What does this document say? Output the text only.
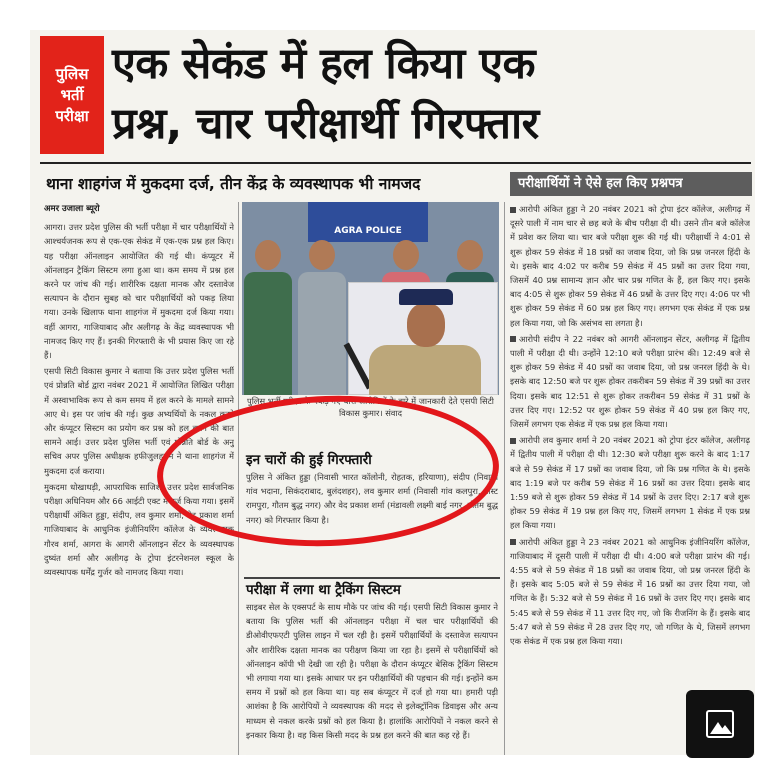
पुलिस
भर्ती
परीक्षा
एक सेकंड में हल किया एक
प्रश्न, चार परीक्षार्थी गिरफ्तार
थाना शाहगंज में मुकदमा दर्ज, तीन केंद्र के व्यवस्थापक भी नामजद	परीक्षार्थियों ने ऐसे हल किए प्रश्नपत्र
अमर उजाला ब्यूरो

आगरा। उत्तर प्रदेश पुलिस की भर्ती परीक्षा में चार परीक्षार्थियों ने आश्चर्यजनक रूप से एक-एक सेकंड में एक-एक प्रश्न हल किए। यह परीक्षा ऑनलाइन आयोजित की गई थी। कंप्यूटर में ऑनलाइन ट्रैकिंग सिस्टम लगा हुआ था। कम समय में प्रश्न हल करने पर जांच की गई। शारीरिक दक्षता मानक और दस्तावेज सत्यापन के दौरान सुबह को चार परीक्षार्थियों को पकड़ लिया गया। उनके खिलाफ थाना शाहगंज में मुकदमा दर्ज किया गया। वहीं आगरा, गाजियाबाद और अलीगढ़ के केंद्र व्यवस्थापक भी नामजद किए गए हैं। इनकी गिरफ्तारी के भी प्रयास किए जा रहे हैं।

एसपी सिटी विकास कुमार ने बताया कि उत्तर प्रदेश पुलिस भर्ती एवं प्रोन्नति बोर्ड द्वारा नवंबर 2021 में आयोजित लिखित परीक्षा में अस्वाभाविक रूप से कम समय में हल करने के मामले सामने आए थे। इस पर जांच की गई। कुछ अभ्यर्थियों के नकल करने और कंप्यूटर सिस्टम का प्रयोग कर प्रश्न को हल करने की बात सामने आई। उत्तर प्रदेश पुलिस भर्ती एवं प्रोन्नति बोर्ड के अनु सचिव अपर पुलिस अधीक्षक हफीजुलहसन ने थाना शाहगंज में मुकदमा दर्ज कराया।

मुकदमा धोखाधड़ी, आपराधिक साजिश, उत्तर प्रदेश सार्वजनिक परीक्षा अधिनियम और 66 आईटी एक्ट में दर्ज किया गया। इसमें परीक्षार्थी अंकित हुड्डा, संदीप, लव कुमार शर्मा, वेद प्रकाश शर्मा गाजियाबाद के आधुनिक इंजीनियरिंग कॉलेज के व्यवस्थापक गौरव शर्मा, आगरा के आगरी ऑनलाइन सेंटर के व्यवस्थापक दुष्यंत शर्मा और अलीगढ़ के ट्रोपा इंटरनेशनल स्कूल के व्यवस्थापक धर्मेंद्र गुर्जर को नामजद किया गया।

AGRA POLICE
पुलिस भर्ती परीक्षा के पकड़े गए चारों आरोपियों के बारे में जानकारी देते एसपी सिटी विकास कुमार। संवाद
इन चारों की हुई गिरफ्तारी
पुलिस ने अंकित हुड्डा (निवासी भारत कॉलोनी, रोहतक, हरियाणा), संदीप (निवासी गांव भदाना, सिकंदराबाद, बुलंदशहर), लव कुमार शर्मा (निवासी गांव कलपुरा, पोस्ट रामपुरा, गौतम बुद्ध नगर) और वेद प्रकाश शर्मा (मंडावली लक्ष्मी बाई नगर, गौतम बुद्ध नगर) को गिरफ्तार किया है।
परीक्षा में लगा था ट्रैकिंग सिस्टम
साइबर सेल के एक्सपर्ट के साथ मौके पर जांच की गई। एसपी सिटी विकास कुमार ने बताया कि पुलिस भर्ती की ऑनलाइन परीक्षा में चल चार परीक्षार्थियों की डीओवीएफएटी पुलिस लाइन में चल रही है। इसमें परीक्षार्थियों के दस्तावेज सत्यापन और शारीरिक दक्षता मानक का परीक्षण किया जा रहा है। इसमें से परीक्षार्थियों को ऑनलाइन कॉपी भी देखी जा रही है। परीक्षा के दौरान कंप्यूटर बेसिक ट्रैकिंग सिस्टम भी लगाया गया था। इसके आधार पर इन परीक्षार्थियों की पहचान की गई। इन्होंने कम समय में प्रश्नों को हल किया था। यह सब कंप्यूटर में दर्ज हो गया था। हमारी पड़ी आशंका है कि आरोपियों ने व्यवस्थापक की मदद से इलेक्ट्रॉनिक डिवाइस और अन्य माध्यम से नकल करके प्रश्नों को हल किया है। हालांकि आरोपियों ने नकल करने से इनकार किया है। वह किस किसी मदद के प्रश्न हल करने की बात कह रहे हैं।

आरोपी अंकित हुड्डा ने 20 नवंबर 2021 को ट्रोपा इंटर कॉलेज, अलीगढ़ में दूसरे पाली में नाम चार से छह बजे के बीच परीक्षा दी थी। उसने तीन बजे कॉलेज में प्रवेश कर लिया था। चार बजे परीक्षा शुरू की गई थी। परीक्षार्थी ने 4:01 से शुरू होकर 59 सेकंड में 18 प्रश्नों का जवाब दिया, जो कि प्रश्न जनरल हिंदी के थे। इसके बाद 4:02 पर करीब 59 सेकंड में 45 प्रश्नों का उत्तर दिया गया, जिसमें 40 प्रश्न सामान्य ज्ञान और चार प्रश्न गणित के हैं, हल किए गए। इसके बाद 4:05 से शुरू होकर 59 सेकंड में 46 प्रश्नों के उत्तर दिए गए। 4:06 पर भी शुरू होकर 59 सेकंड में 60 प्रश्न हल किए गए। लगभग एक सेकंड में एक प्रश्न हल किया गया, जो कि असंभव सा लगता है।

आरोपी संदीप ने 22 नवंबर को आगरी ऑनलाइन सेंटर, अलीगढ़ में द्वितीय पाली में परीक्षा दी थी। उन्होंने 12:10 बजे परीक्षा प्रारंभ की। 12:49 बजे से शुरू होकर 59 सेकंड में 40 प्रश्नों का जवाब दिया, जो प्रश्न जनरल हिंदी के थे। इसके बाद 12:50 बजे पर शुरू होकर तकरीबन 59 सेकंड में 39 प्रश्नों का उत्तर दिया। इसके बाद 12:51 से शुरू होकर तकरीबन 59 सेकंड में 31 प्रश्नों के उत्तर दिए गए। 12:52 पर शुरू होकर 59 सेकंड में 40 प्रश्न हल किए गए, जिसमें लगभग एक सेकंड में एक प्रश्न हल किया गया।

आरोपी लव कुमार शर्मा ने 20 नवंबर 2021 को ट्रोपा इंटर कॉलेज, अलीगढ़ में द्वितीय पाली में परीक्षा दी थी। 12:30 बजे परीक्षा शुरू करने के बाद 1:17 बजे से 59 सेकंड में 17 प्रश्नों का जवाब दिया, जो कि प्रश्न गणित के थे। इसके बाद 1:19 बजे पर करीब 59 सेकंड में 16 प्रश्नों का उत्तर दिया। इसके बाद 1:59 बजे से शुरू होकर 59 सेकंड में 14 प्रश्नों के उत्तर दिए। 2:17 बजे शुरू होकर 59 सेकंड में 19 प्रश्न हल किए गए, जिसमें लगभग 1 सेकंड में एक प्रश्न हल किया गया।

आरोपी अंकित हुड्डा ने 23 नवंबर 2021 को आधुनिक इंजीनियरिंग कॉलेज, गाजियाबाद में दूसरी पाली में परीक्षा दी थी। 4:00 बजे परीक्षा प्रारंभ की गई। 4:55 बजे से 59 सेकंड में 18 प्रश्नों का जवाब दिया, जो प्रश्न जनरल हिंदी के हैं। इसके बाद 5:05 बजे से 59 सेकंड में 16 प्रश्नों का उत्तर दिया गया, जो गणित के हैं। 5:32 बजे से 59 सेकंड में 16 प्रश्नों के उत्तर दिए गए। इसके बाद 5:45 बजे से 59 सेकंड में 11 उत्तर दिए गए, जो कि रीजनिंग के हैं। इसके बाद 5:47 बजे से 59 सेकंड में 28 उत्तर दिए गए, जो गणित के थे, जिसमें लगभग एक सेकंड में एक प्रश्न हल किया गया।
